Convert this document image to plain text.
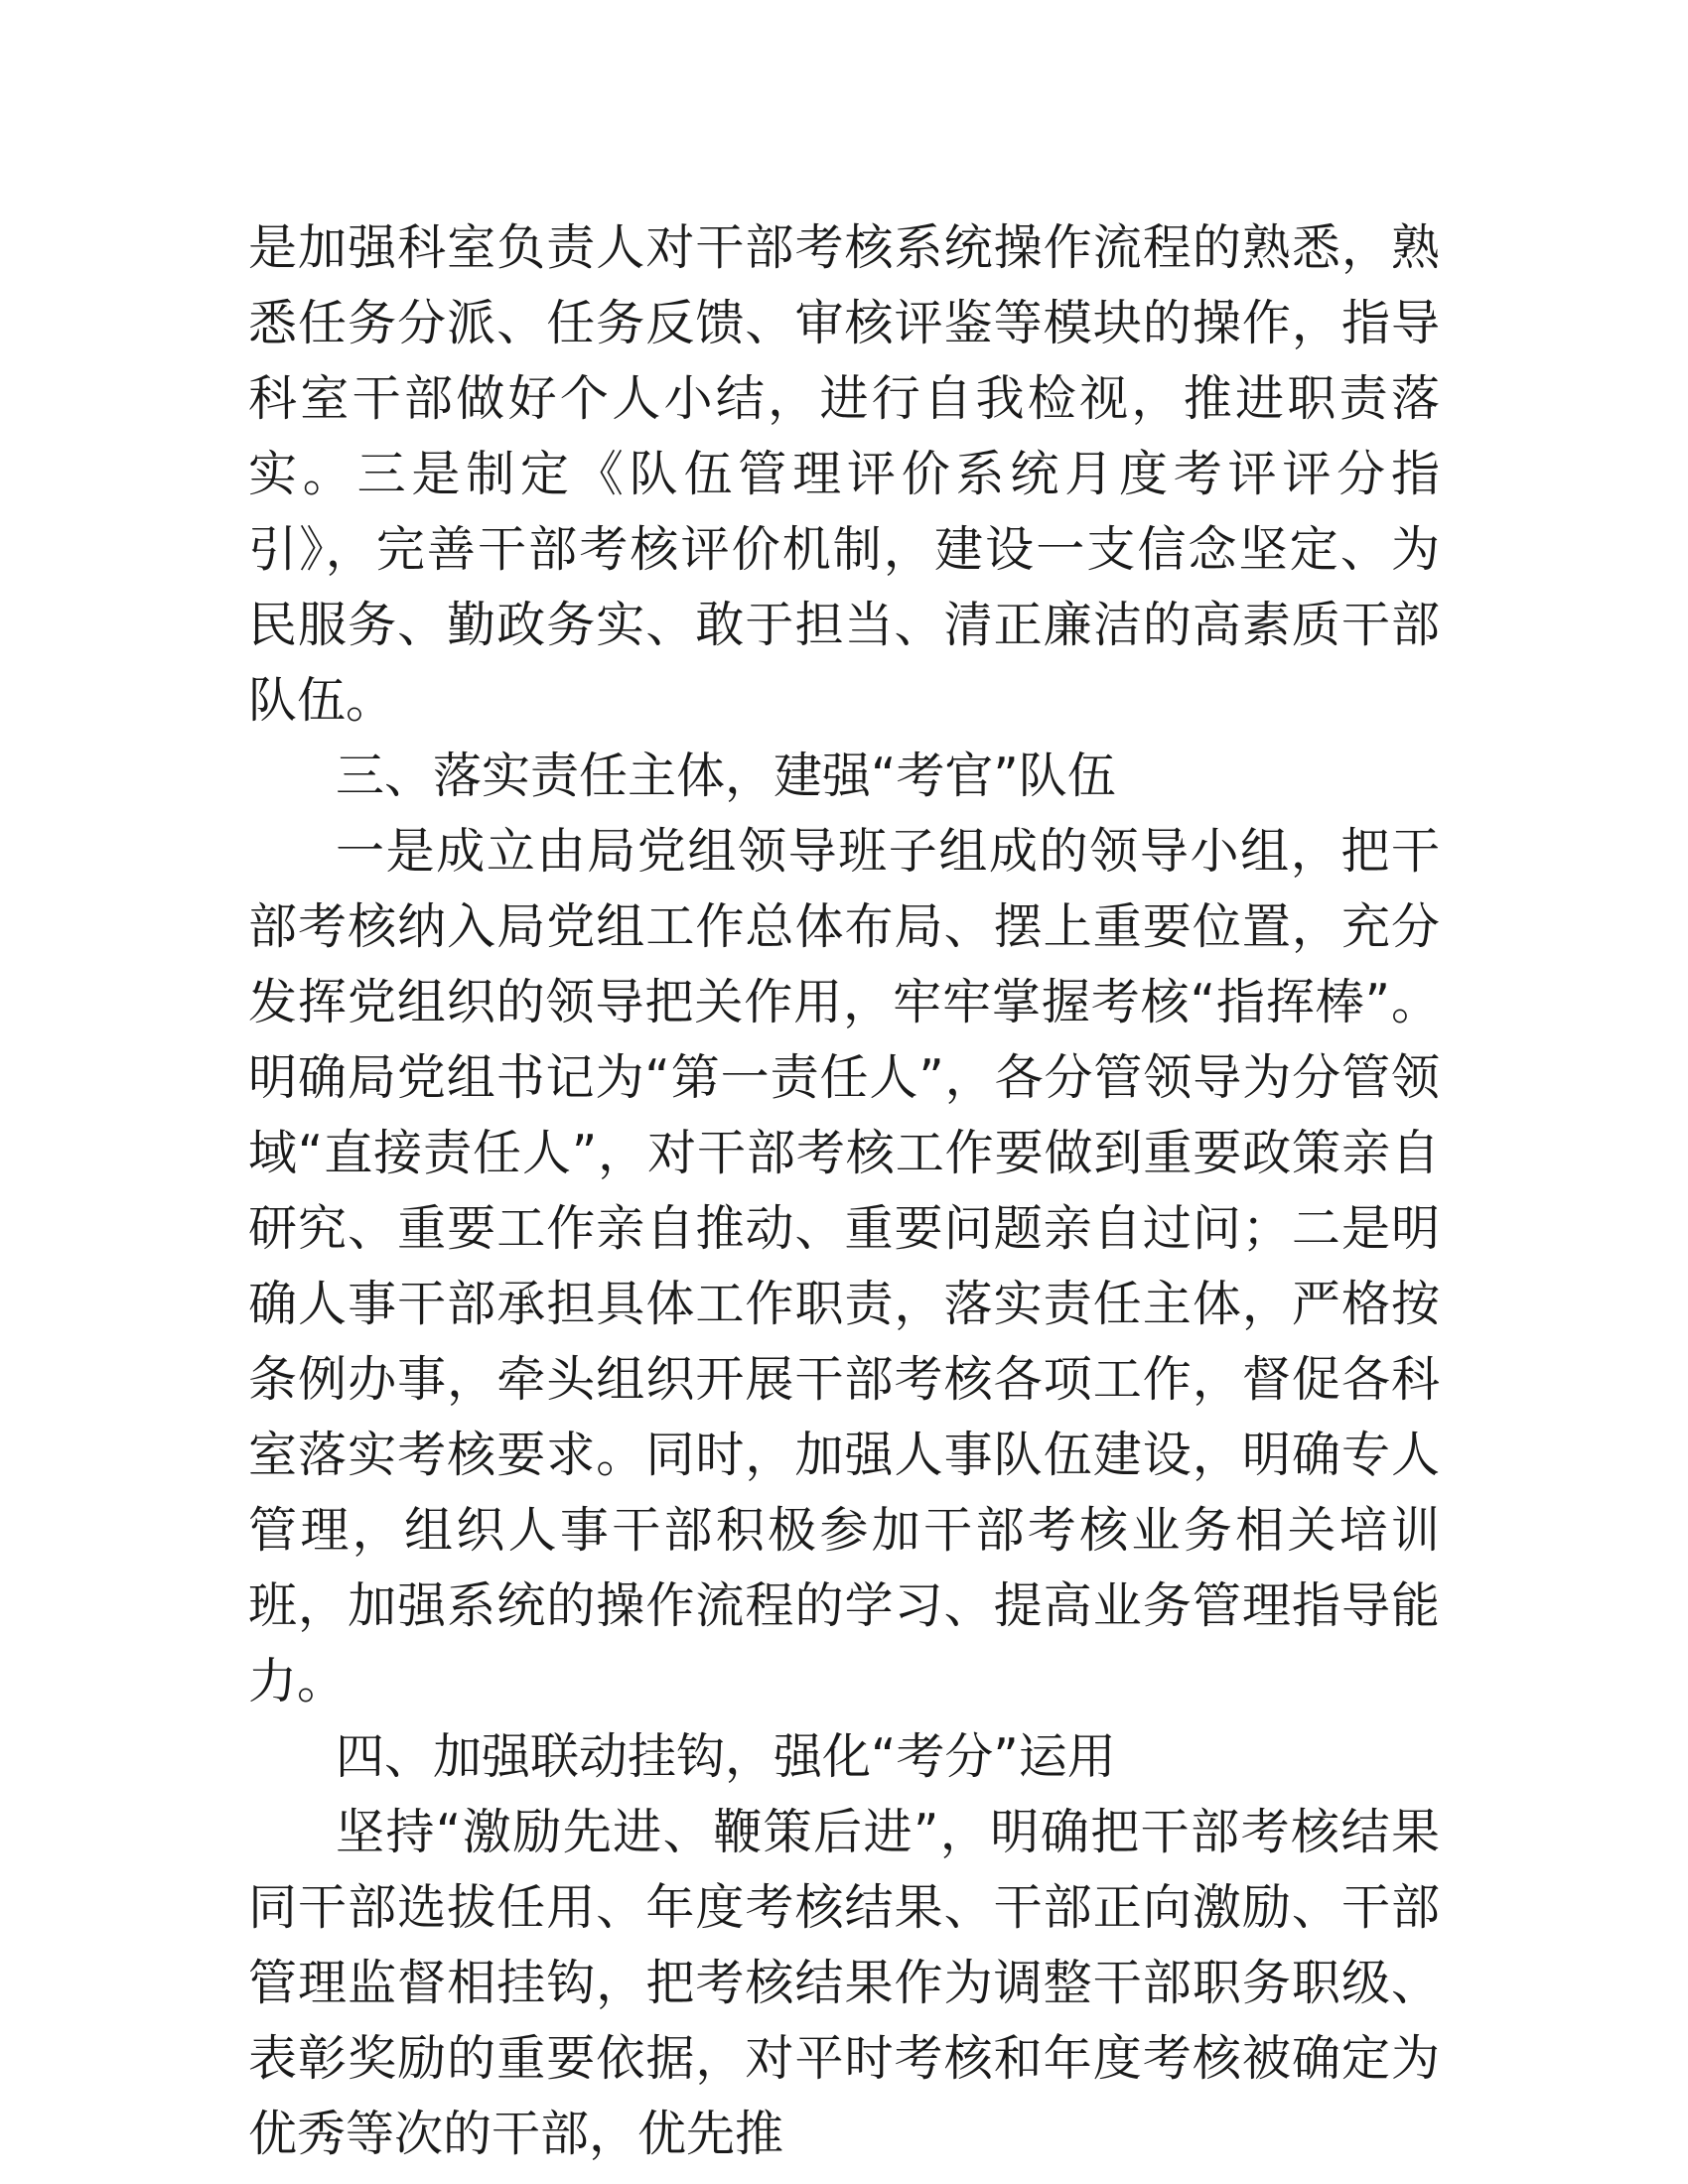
是加强科室负责人对干部考核系统操作流程的熟悉，熟悉任务分派、任务反馈、审核评鉴等模块的操作，指导科室干部做好个人小结，进行自我检视，推进职责落实。三是制定《队伍管理评价系统月度考评评分指引》，完善干部考核评价机制，建设一支信念坚定、为民服务、勤政务实、敢于担当、清正廉洁的高素质干部队伍。

三、落实责任主体，建强“考官”队伍

一是成立由局党组领导班子组成的领导小组，把干部考核纳入局党组工作总体布局、摆上重要位置，充分发挥党组织的领导把关作用，牢牢掌握考核“指挥棒”。明确局党组书记为“第一责任人”，各分管领导为分管领域“直接责任人”，对干部考核工作要做到重要政策亲自研究、重要工作亲自推动、重要问题亲自过问；二是明确人事干部承担具体工作职责，落实责任主体，严格按条例办事，牵头组织开展干部考核各项工作，督促各科室落实考核要求。同时，加强人事队伍建设，明确专人管理，组织人事干部积极参加干部考核业务相关培训班，加强系统的操作流程的学习、提高业务管理指导能力。

四、加强联动挂钩，强化“考分”运用

坚持“激励先进、鞭策后进”，明确把干部考核结果同干部选拔任用、年度考核结果、干部正向激励、干部管理监督相挂钩，把考核结果作为调整干部职务职级、表彰奖励的重要依据，对平时考核和年度考核被确定为优秀等次的干部，优先推
